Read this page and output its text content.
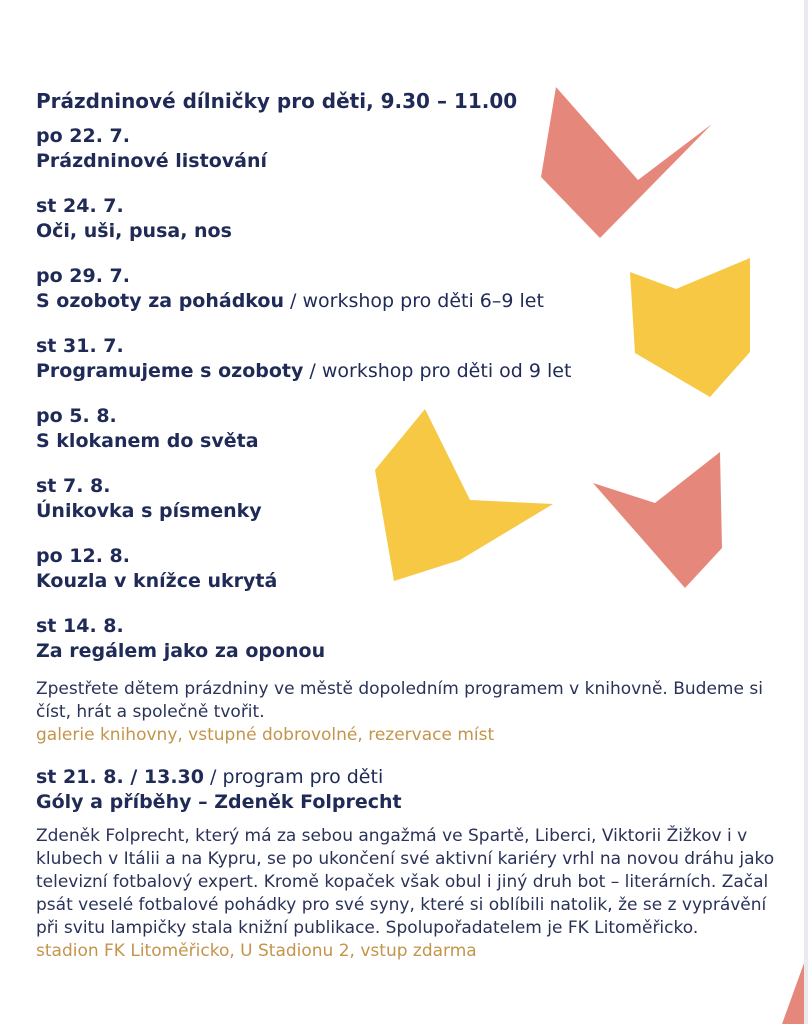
Prázdninové dílničky pro děti, 9.30 – 11.00
po 22. 7.
Prázdninové listování
st 24. 7.
Oči, uši, pusa, nos
po 29. 7.
S ozoboty za pohádkou / workshop pro děti 6–9 let
st 31. 7.
Programujeme s ozoboty / workshop pro děti od 9 let
po 5. 8.
S klokanem do světa
st 7. 8.
Únikovka s písmenky
po 12. 8.
Kouzla v knížce ukrytá
st 14. 8.
Za regálem jako za oponou
Zpestřete dětem prázdniny ve městě dopoledním programem v knihovně. Budeme si číst, hrát a společně tvořit.
galerie knihovny, vstupné dobrovolné, rezervace míst
st 21. 8. / 13.30 / program pro děti
Góly a příběhy – Zdeněk Folprecht
Zdeněk Folprecht, který má za sebou angažmá ve Spartě, Liberci, Viktorii Žižkov i v klubech v Itálii a na Kypru, se po ukončení své aktivní kariéry vrhl na novou dráhu jako televizní fotbalový expert. Kromě kopaček však obul i jiný druh bot – literárních. Začal psát veselé fotbalové pohádky pro své syny, které si oblíbili natolik, že se z vyprávění při svitu lampičky stala knižní publikace. Spolupořadatelem je FK Litoměřicko.
stadion FK Litoměřicko, U Stadionu 2, vstup zdarma
